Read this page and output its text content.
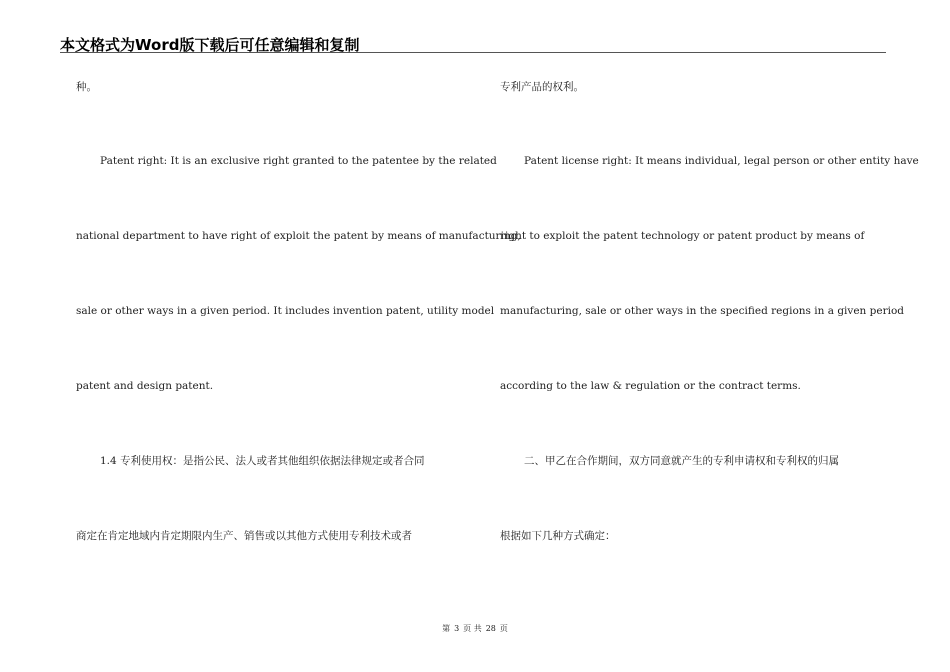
本文格式为Word版下载后可任意编辑和复制
种。
Patent right: It is an exclusive right granted to the patentee by the related
national department to have right of exploit the patent by means of manufacturing,
sale or other ways in a given period. It includes invention patent, utility model
patent and design patent.
1.4 专利使用权：是指公民、法人或者其他组织依据法律规定或者合同
商定在肯定地域内肯定期限内生产、销售或以其他方式使用专利技术或者
专利产品的权利。
Patent license right: It means individual, legal person or other entity have
right to exploit the patent technology or patent product by means of
manufacturing, sale or other ways in the specified regions in a given period
according to the law & regulation or the contract terms.
二、甲乙在合作期间，双方同意就产生的专利申请权和专利权的归属
根据如下几种方式确定：
第 3 页 共 28 页
